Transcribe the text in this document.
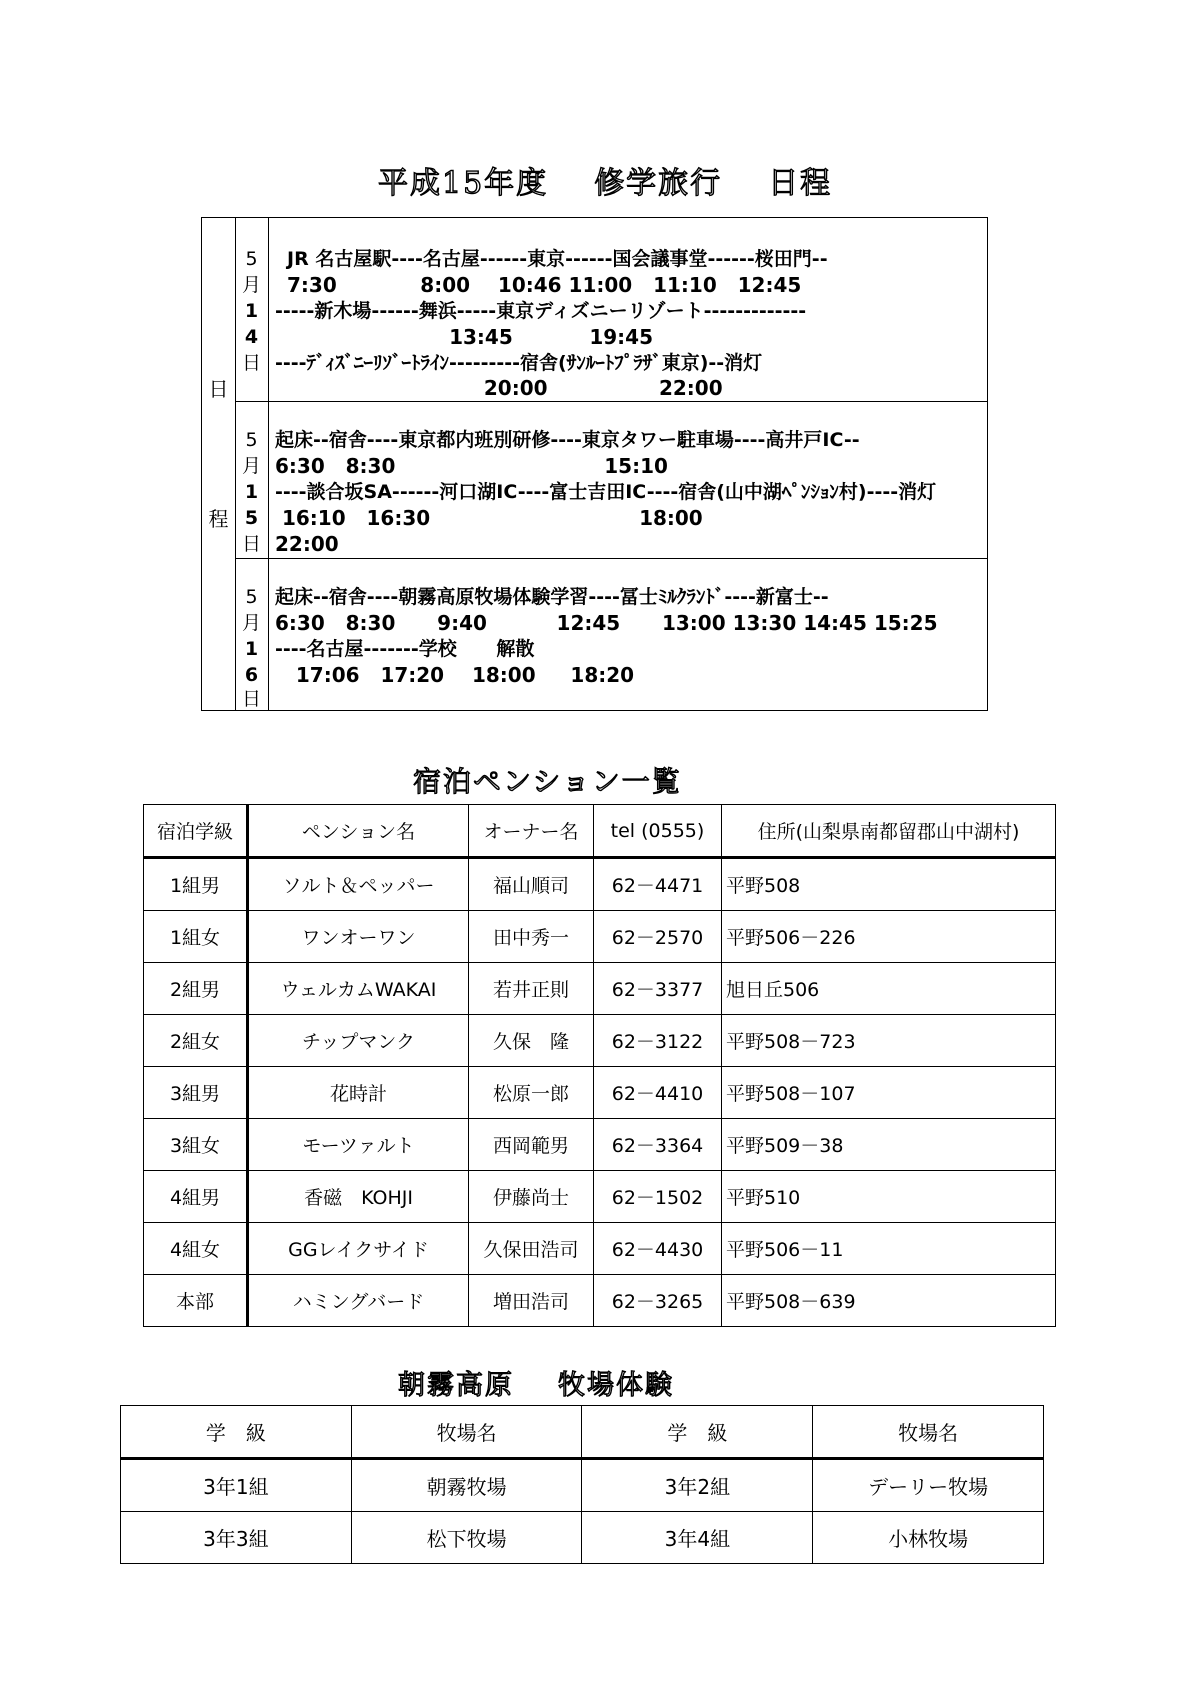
平成15年度 修学旅行 日程
日
程
5
月
1
4
日
JR 名古屋駅----名古屋------東京------国会議事堂------桜田門--
7:30            8:00    10:46 11:00   11:10   12:45
-----新木場------舞浜-----東京ディズニーリゾート-------------
13:45           19:45
----ﾃﾞｨｽﾞﾆｰﾘｿﾞｰﾄﾗｲﾝ---------宿舎(ｻﾝﾙｰﾄﾌﾟﾗｻﾞ東京)--消灯
20:00                22:00
5
月
1
5
日
起床--宿舎----東京都内班別研修----東京タワー駐車場----高井戸IC--
6:30   8:30                              15:10
----談合坂SA------河口湖IC----富士吉田IC----宿舎(山中湖ﾍﾟﾝｼｮﾝ村)----消灯
16:10   16:30                              18:00
22:00
5
月
1
6
日
起床--宿舎----朝霧高原牧場体験学習----冨士ﾐﾙｸﾗﾝﾄﾞ----新富士--
6:30   8:30      9:40          12:45      13:00 13:30 14:45 15:25
----名古屋-------学校      解散
17:06   17:20    18:00     18:20
宿泊ペンション一覧
宿泊学級	ペンション名	オーナー名	tel (0555)	住所(山梨県南都留郡山中湖村)
1組男	ソルト＆ペッパー	福山順司	62－4471	平野508
1組女	ワンオーワン	田中秀一	62－2570	平野506－226
2組男	ウェルカムWAKAI	若井正則	62－3377	旭日丘506
2組女	チップマンク	久保　隆	62－3122	平野508－723
3組男	花時計	松原一郎	62－4410	平野508－107
3組女	モーツァルト	西岡範男	62－3364	平野509－38
4組男	香磁　KOHJI	伊藤尚士	62－1502	平野510
4組女	GGレイクサイド	久保田浩司	62－4430	平野506－11
本部	ハミングバード	増田浩司	62－3265	平野508－639
朝霧高原 牧場体験
学　級	牧場名	学　級	牧場名
3年1組	朝霧牧場	3年2組	デーリー牧場
3年3組	松下牧場	3年4組	小林牧場
